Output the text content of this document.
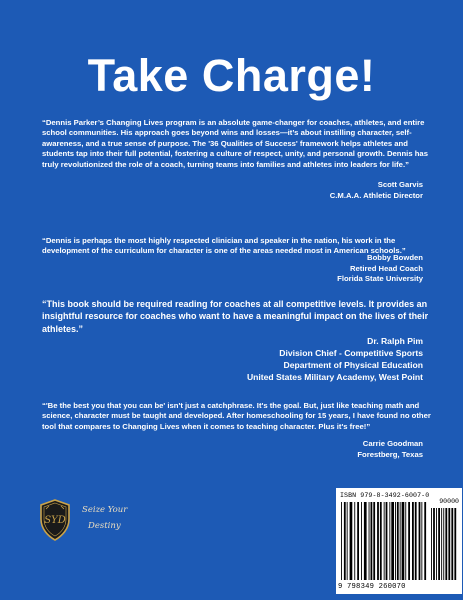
Take Charge!

“Dennis Parker’s Changing Lives program is an absolute game-changer for coaches, athletes, and entire school communities. His approach goes beyond wins and losses—it’s about instilling character, self-awareness, and a true sense of purpose. The '36 Qualities of Success' framework helps athletes and students tap into their full potential, fostering a culture of respect, unity, and personal growth. Dennis has truly revolutionized the role of a coach, turning teams into families and athletes into leaders for life.”

Scott Garvis
C.M.A.A. Athletic Director

“Dennis is perhaps the most highly respected clinician and speaker in the nation, his work in the development of the curriculum for character is one of the areas needed most in American schools.”

Bobby Bowden
Retired Head Coach
Florida State University

“This book should be required reading for coaches at all competitive levels. It provides an insightful resource for coaches who want to have a meaningful impact on the lives of their athletes.”

Dr. Ralph Pim
Division Chief - Competitive Sports
Department of Physical Education
United States Military Academy, West Point

“'Be the best you that you can be' isn't just a catchphrase. It's the goal. But, just like teaching math and science, character must be taught and developed. After homeschooling for 15 years, I have found no other tool that compares to Changing Lives when it comes to teaching character. Plus it's free!”

Carrie Goodman
Forestberg, Texas
SYD
Seize Your
Destiny
ISBN 979-8-3492-6007-0
90000
9 798349 260070
